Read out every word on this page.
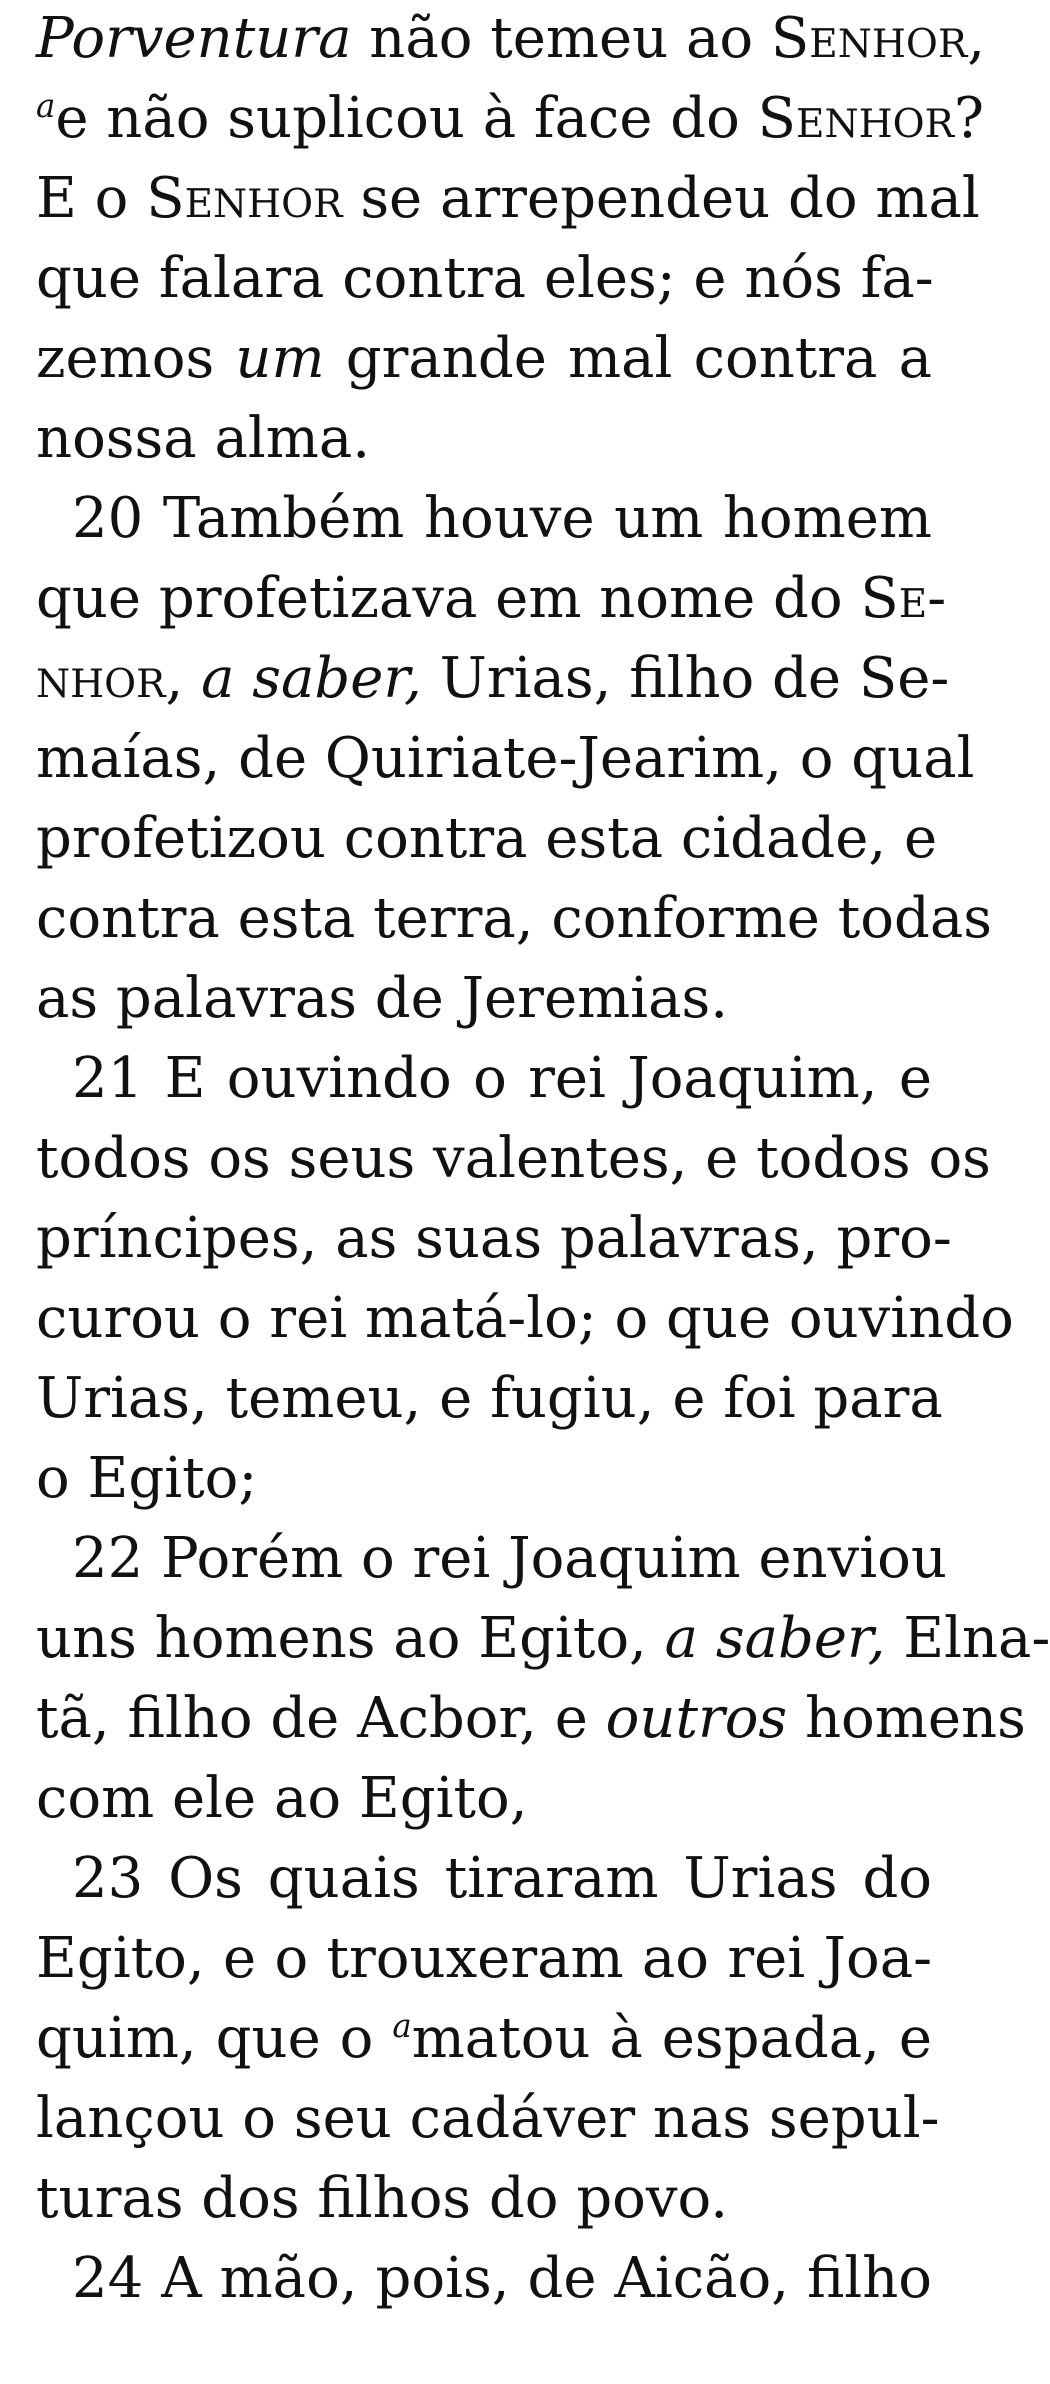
Porventura não temeu ao Senhor,
$^a$e não suplicou à face do Senhor?
E o Senhor se arrependeu do mal
que falara contra eles; e nós fa-
zemos um grande mal contra a
nossa alma.
20 Também houve um homem
que profetizava em nome do Se-
nhor, a saber, Urias, filho de Se-
maías, de Quiriate-Jearim, o qual
profetizou contra esta cidade, e
contra esta terra, conforme todas
as palavras de Jeremias.
21 E ouvindo o rei Joaquim, e
todos os seus valentes, e todos os
príncipes, as suas palavras, pro-
curou o rei matá-lo; o que ouvindo
Urias, temeu, e fugiu, e foi para
o Egito;
22 Porém o rei Joaquim enviou
uns homens ao Egito, a saber, Elna-
tã, filho de Acbor, e outros homens
com ele ao Egito,
23 Os quais tiraram Urias do
Egito, e o trouxeram ao rei Joa-
quim, que o $^a$matou à espada, e
lançou o seu cadáver nas sepul-
turas dos filhos do povo.
24 A mão, pois, de Aicão, filho
